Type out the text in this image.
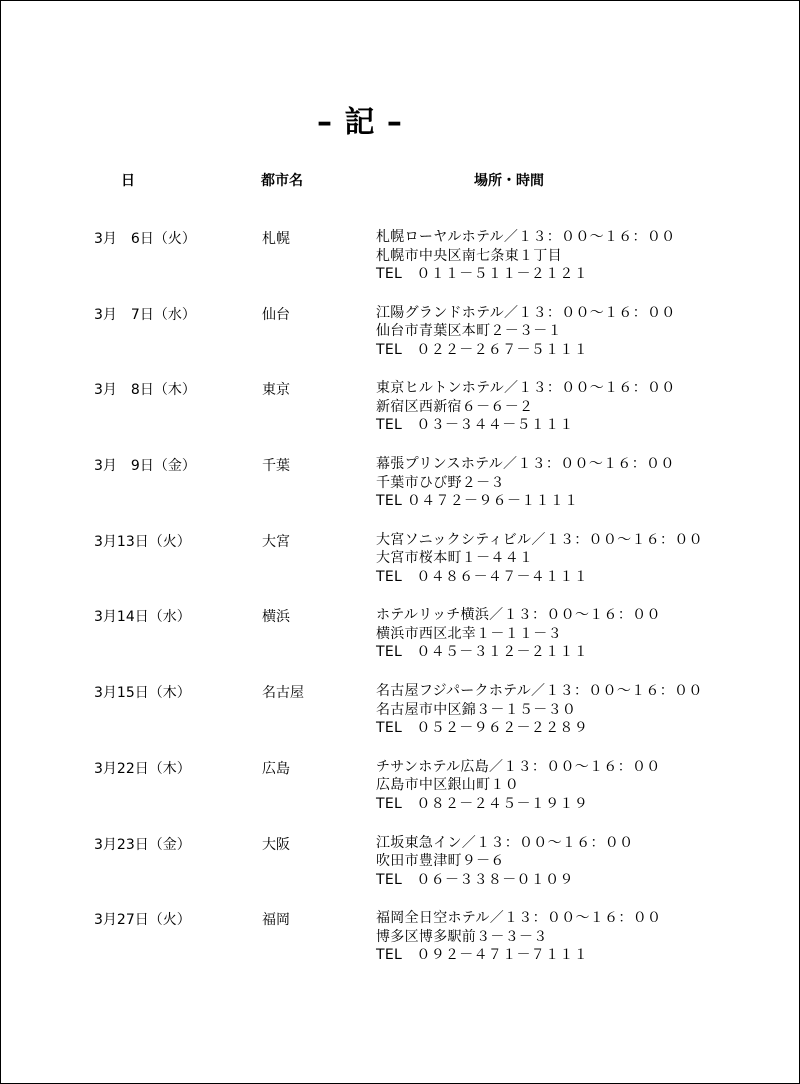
– 記 –
日	都市名	場所・時間
3月　6日（火）	札幌	札幌ローヤルホテル／１３：００～１６：００
札幌市中央区南七条東１丁目
TEL　０１１－５１１－２１２１
3月　7日（水）	仙台	江陽グランドホテル／１３：００～１６：００
仙台市青葉区本町２－３－１
TEL　０２２－２６７－５１１１
3月　8日（木）	東京	東京ヒルトンホテル／１３：００～１６：００
新宿区西新宿６－６－２
TEL　０３－３４４－５１１１
3月　9日（金）	千葉	幕張プリンスホテル／１３：００～１６：００
千葉市ひび野２－３
TEL ０４７２－９６－１１１１
3月13日（火）	大宮	大宮ソニックシティビル／１３：００～１６：００
大宮市桜本町１－４４１
TEL　０４８６－４７－４１１１
3月14日（水）	横浜	ホテルリッチ横浜／１３：００～１６：００
横浜市西区北幸１－１１－３
TEL　０４５－３１２－２１１１
3月15日（木）	名古屋	名古屋フジパークホテル／１３：００～１６：００
名古屋市中区錦３－１５－３０
TEL　０５２－９６２－２２８９
3月22日（木）	広島	チサンホテル広島／１３：００～１６：００
広島市中区銀山町１０
TEL　０８２－２４５－１９１９
3月23日（金）	大阪	江坂東急イン／１３：００～１６：００
吹田市豊津町９－６
TEL　０６－３３８－０１０９
3月27日（火）	福岡	福岡全日空ホテル／１３：００～１６：００
博多区博多駅前３－３－３
TEL　０９２－４７１－７１１１
